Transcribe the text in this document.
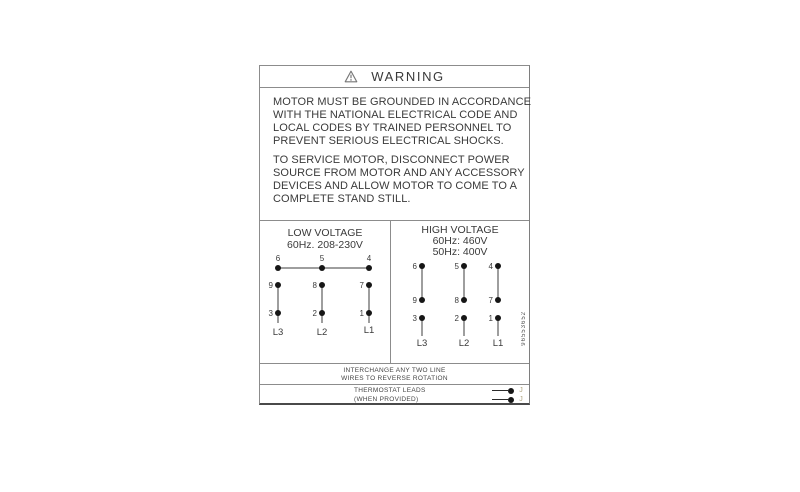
WARNING
MOTOR MUST BE GROUNDED IN ACCORDANCE
WITH THE NATIONAL ELECTRICAL CODE AND
LOCAL CODES BY TRAINED PERSONNEL TO
PREVENT SERIOUS ELECTRICAL SHOCKS.
TO SERVICE MOTOR, DISCONNECT POWER
SOURCE FROM MOTOR AND ANY ACCESSORY
DEVICES AND ALLOW MOTOR TO COME TO A
COMPLETE STAND STILL.
LOW VOLTAGE
60Hz. 208-230V
6
9
3
L3
5
8
2
L2
4
7
1
L1
HIGH VOLTAGE
60Hz: 460V
50Hz: 400V
6
9
3
L3
5
8
2
L2
4
7
1
L1	96553652
INTERCHANGE ANY TWO LINE
WIRES TO REVERSE ROTATION
THERMOSTAT LEADS
(WHEN PROVIDED)
J
J
